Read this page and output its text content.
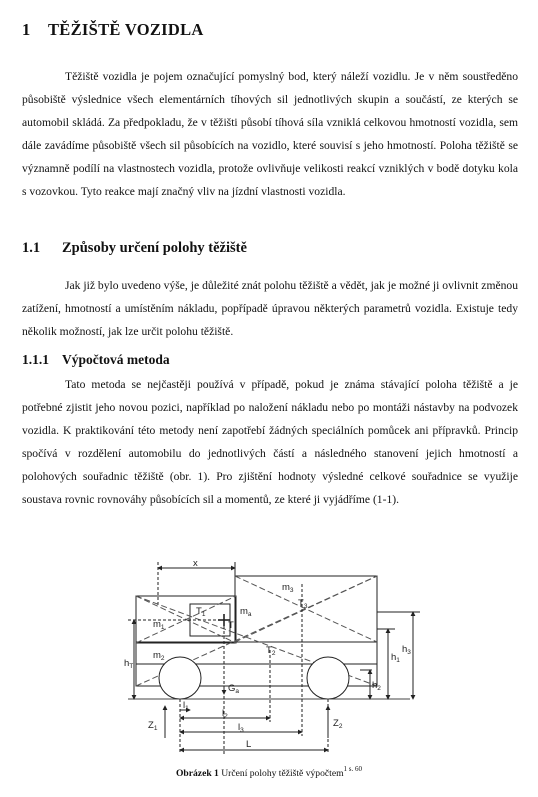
1 TĚŽIŠTĚ VOZIDLA

Těžiště vozidla je pojem označující pomyslný bod, který náleží vozidlu. Je v něm soustředěno působiště výslednice všech elementárních tíhových sil jednotlivých skupin a součástí, ze kterých se automobil skládá. Za předpokladu, že v těžišti působí tíhová síla vzniklá celkovou hmotností vozidla, sem dále zavádíme působiště všech sil působících na vozidlo, které souvisí s jeho hmotností. Poloha těžiště se významně podílí na vlastnostech vozidla, protože ovlivňuje velikosti reakcí vzniklých v bodě dotyku kola s vozovkou. Tyto reakce mají značný vliv na jízdní vlastnosti vozidla.

1.1 Způsoby určení polohy těžiště

Jak již bylo uvedeno výše, je důležité znát polohu těžiště a vědět, jak je možné ji ovlivnit změnou zatížení, hmotností a umístěním nákladu, popřípadě úpravou některých parametrů vozidla. Existuje tedy několik možností, jak lze určit polohu těžiště.

1.1.1 Výpočtová metoda

Tato metoda se nejčastěji používá v případě, pokud je známa stávající poloha těžiště a je potřebné zjistit jeho novou pozici, například po naložení nákladu nebo po montáži nástavby na podvozek vozidla. K praktikování této metody není zapotřebí žádných speciálních pomůcek ani přípravků. Princip spočívá v rozdělení automobilu do jednotlivých částí a následného stanovení jejich hmotností a polohových souřadnic těžiště (obr. 1). Pro zjištění hodnoty výsledné celkové souřadnice se využije soustava rovnic rovnováhy působících sil a momentů, ze které ji vyjádříme (1-1).

x
$m_1$
$T_1$
$m_3$
$T_3$
$m_a$
T
$m_2$
$T_2$
$G_a$
$h_T$
$h_1$
$h_2$
$h_3$
$l_1$	$l_2$
$l_3$
L
$Z_1$	$Z_2$
Obrázek 1 Určení polohy těžiště výpočtem$^{1 s. 60}$
